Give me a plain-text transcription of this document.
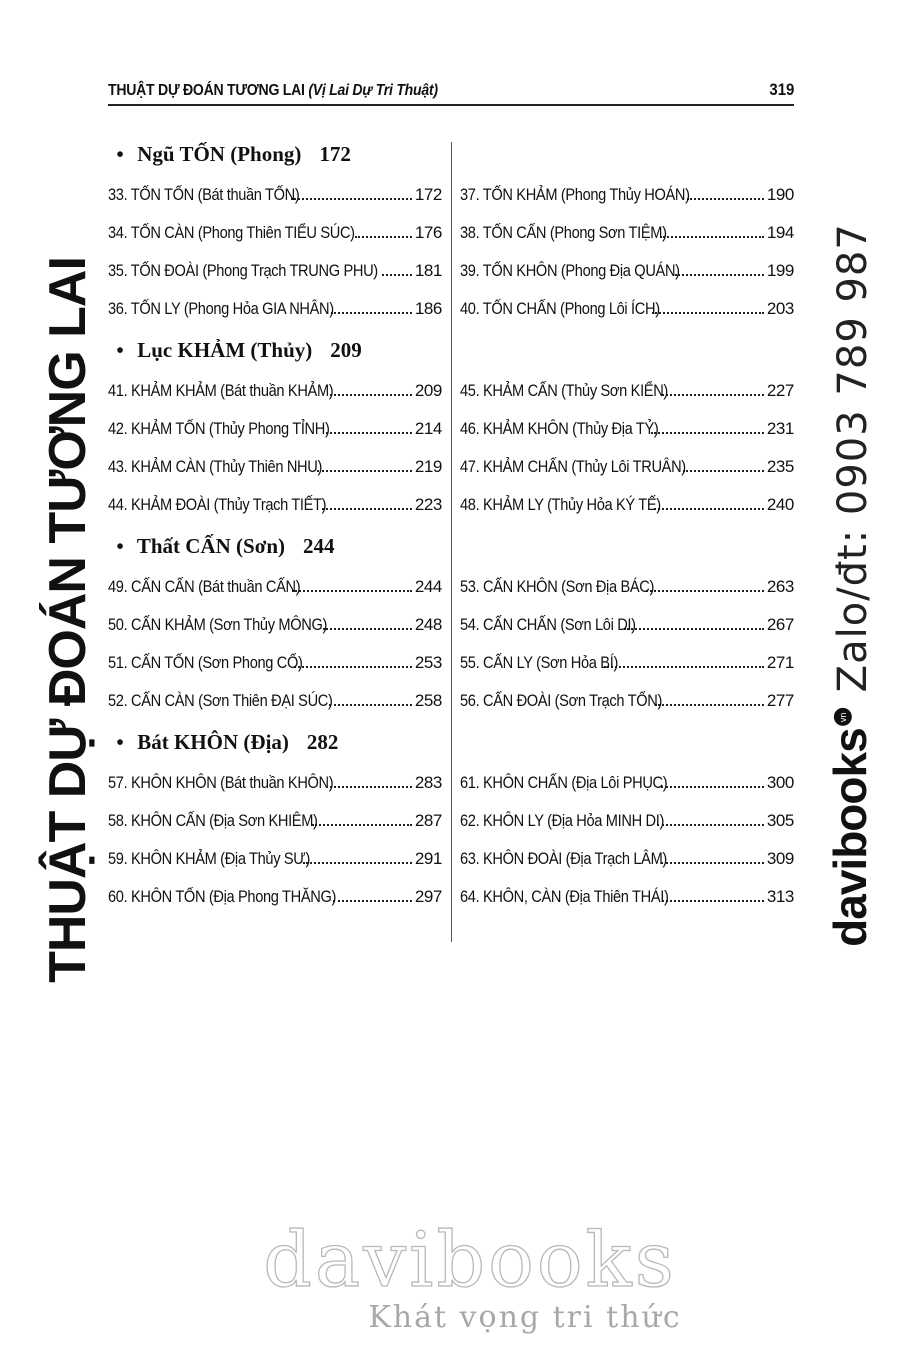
THUẬT DỰ ĐOÁN TƯƠNG LAI (Vị Lai Dự Tri Thuật)	319
• Ngũ TỐN (Phong) 172
33. TỐN TỐN (Bát thuần TỐN)	172 37. TỐN KHẢM (Phong Thủy HOÁN)	190
34. TỐN CÀN (Phong Thiên TIỂU SÚC)	176 38. TỐN CẤN (Phong Sơn TIỆM)	194
35. TỐN ĐOÀI (Phong Trạch TRUNG PHU) 181 39. TỐN KHÔN (Phong Địa QUÁN)	199
36. TỐN LY (Phong Hỏa GIA NHÂN)	186 40. TỐN CHẤN (Phong Lôi ÍCH)	203
• Lục KHẢM (Thủy) 209
41. KHẢM KHẢM (Bát thuần KHẢM)	209 45. KHẢM CẤN (Thủy Sơn KIỂN)	227
42. KHẢM TỐN (Thủy Phong TỈNH)	214 46. KHẢM KHÔN (Thủy Địa TỶ)	231
43. KHẢM CÀN (Thủy Thiên NHU)	219 47. KHẢM CHẤN (Thủy Lôi TRUÂN)	235
44. KHẢM ĐOÀI (Thủy Trạch TIẾT)	223 48. KHẢM LY (Thủy Hỏa KÝ TẾ)	240
• Thất CẤN (Sơn) 244
49. CẤN CẤN (Bát thuần CẤN)	244 53. CẤN KHÔN (Sơn Địa BÁC)	263
50. CẤN KHẢM (Sơn Thủy MÔNG)	248 54. CẤN CHẤN (Sơn Lôi DI)	267
51. CẤN TỐN (Sơn Phong CỔ)	253 55. CẤN LY (Sơn Hỏa BÍ)	271
52. CẤN CÀN (Sơn Thiên ĐẠI SÚC)	258 56. CẤN ĐOÀI (Sơn Trạch TỔN)	277
• Bát KHÔN (Địa) 282
57. KHÔN KHÔN (Bát thuần KHÔN)	283 61. KHÔN CHẤN (Địa Lôi PHỤC)	300
58. KHÔN CẤN (Địa Sơn KHIÊM)	287 62. KHÔN LY (Địa Hỏa MINH DI)	305
59. KHÔN KHẢM (Địa Thủy SƯ)	291 63. KHÔN ĐOÀI (Địa Trạch LÂM)	309
60. KHÔN TỐN (Địa Phong THĂNG)	297 64. KHÔN, CÀN (Địa Thiên THÁI)	313
THUẬT DỰ ĐOÁN TƯƠNG LAI	davibooks
vn
Zalo/đt: 0903 789 987
davibooks
Khát vọng tri thức
